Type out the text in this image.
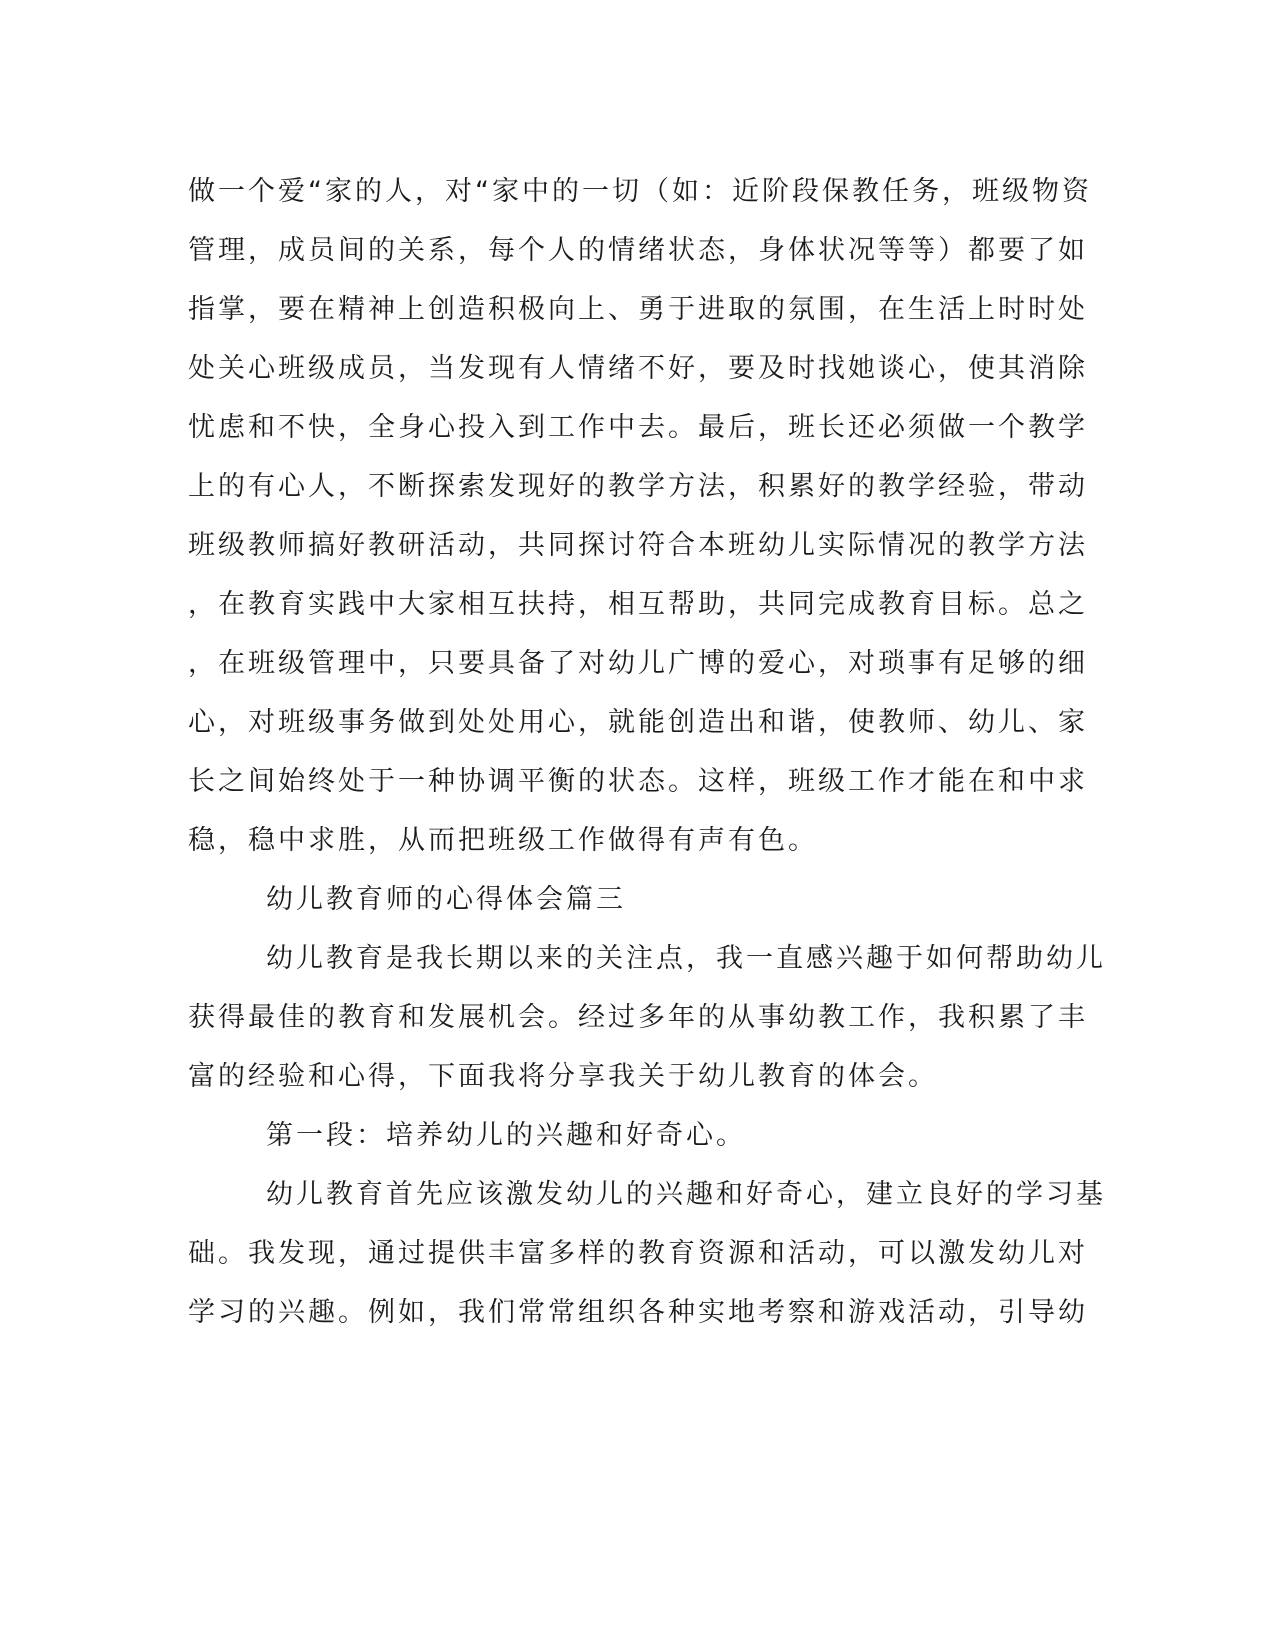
做一个爱“家的人，对“家中的一切（如：近阶段保教任务，班级物资

管理，成员间的关系，每个人的情绪状态，身体状况等等）都要了如

指掌，要在精神上创造积极向上、勇于进取的氛围，在生活上时时处

处关心班级成员，当发现有人情绪不好，要及时找她谈心，使其消除

忧虑和不快，全身心投入到工作中去。最后，班长还必须做一个教学

上的有心人，不断探索发现好的教学方法，积累好的教学经验，带动

班级教师搞好教研活动，共同探讨符合本班幼儿实际情况的教学方法

，在教育实践中大家相互扶持，相互帮助，共同完成教育目标。总之

，在班级管理中，只要具备了对幼儿广博的爱心，对琐事有足够的细

心，对班级事务做到处处用心，就能创造出和谐，使教师、幼儿、家

长之间始终处于一种协调平衡的状态。这样，班级工作才能在和中求

稳，稳中求胜，从而把班级工作做得有声有色。

幼儿教育师的心得体会篇三

幼儿教育是我长期以来的关注点，我一直感兴趣于如何帮助幼儿

获得最佳的教育和发展机会。经过多年的从事幼教工作，我积累了丰

富的经验和心得，下面我将分享我关于幼儿教育的体会。

第一段：培养幼儿的兴趣和好奇心。

幼儿教育首先应该激发幼儿的兴趣和好奇心，建立良好的学习基

础。我发现，通过提供丰富多样的教育资源和活动，可以激发幼儿对

学习的兴趣。例如，我们常常组织各种实地考察和游戏活动，引导幼
